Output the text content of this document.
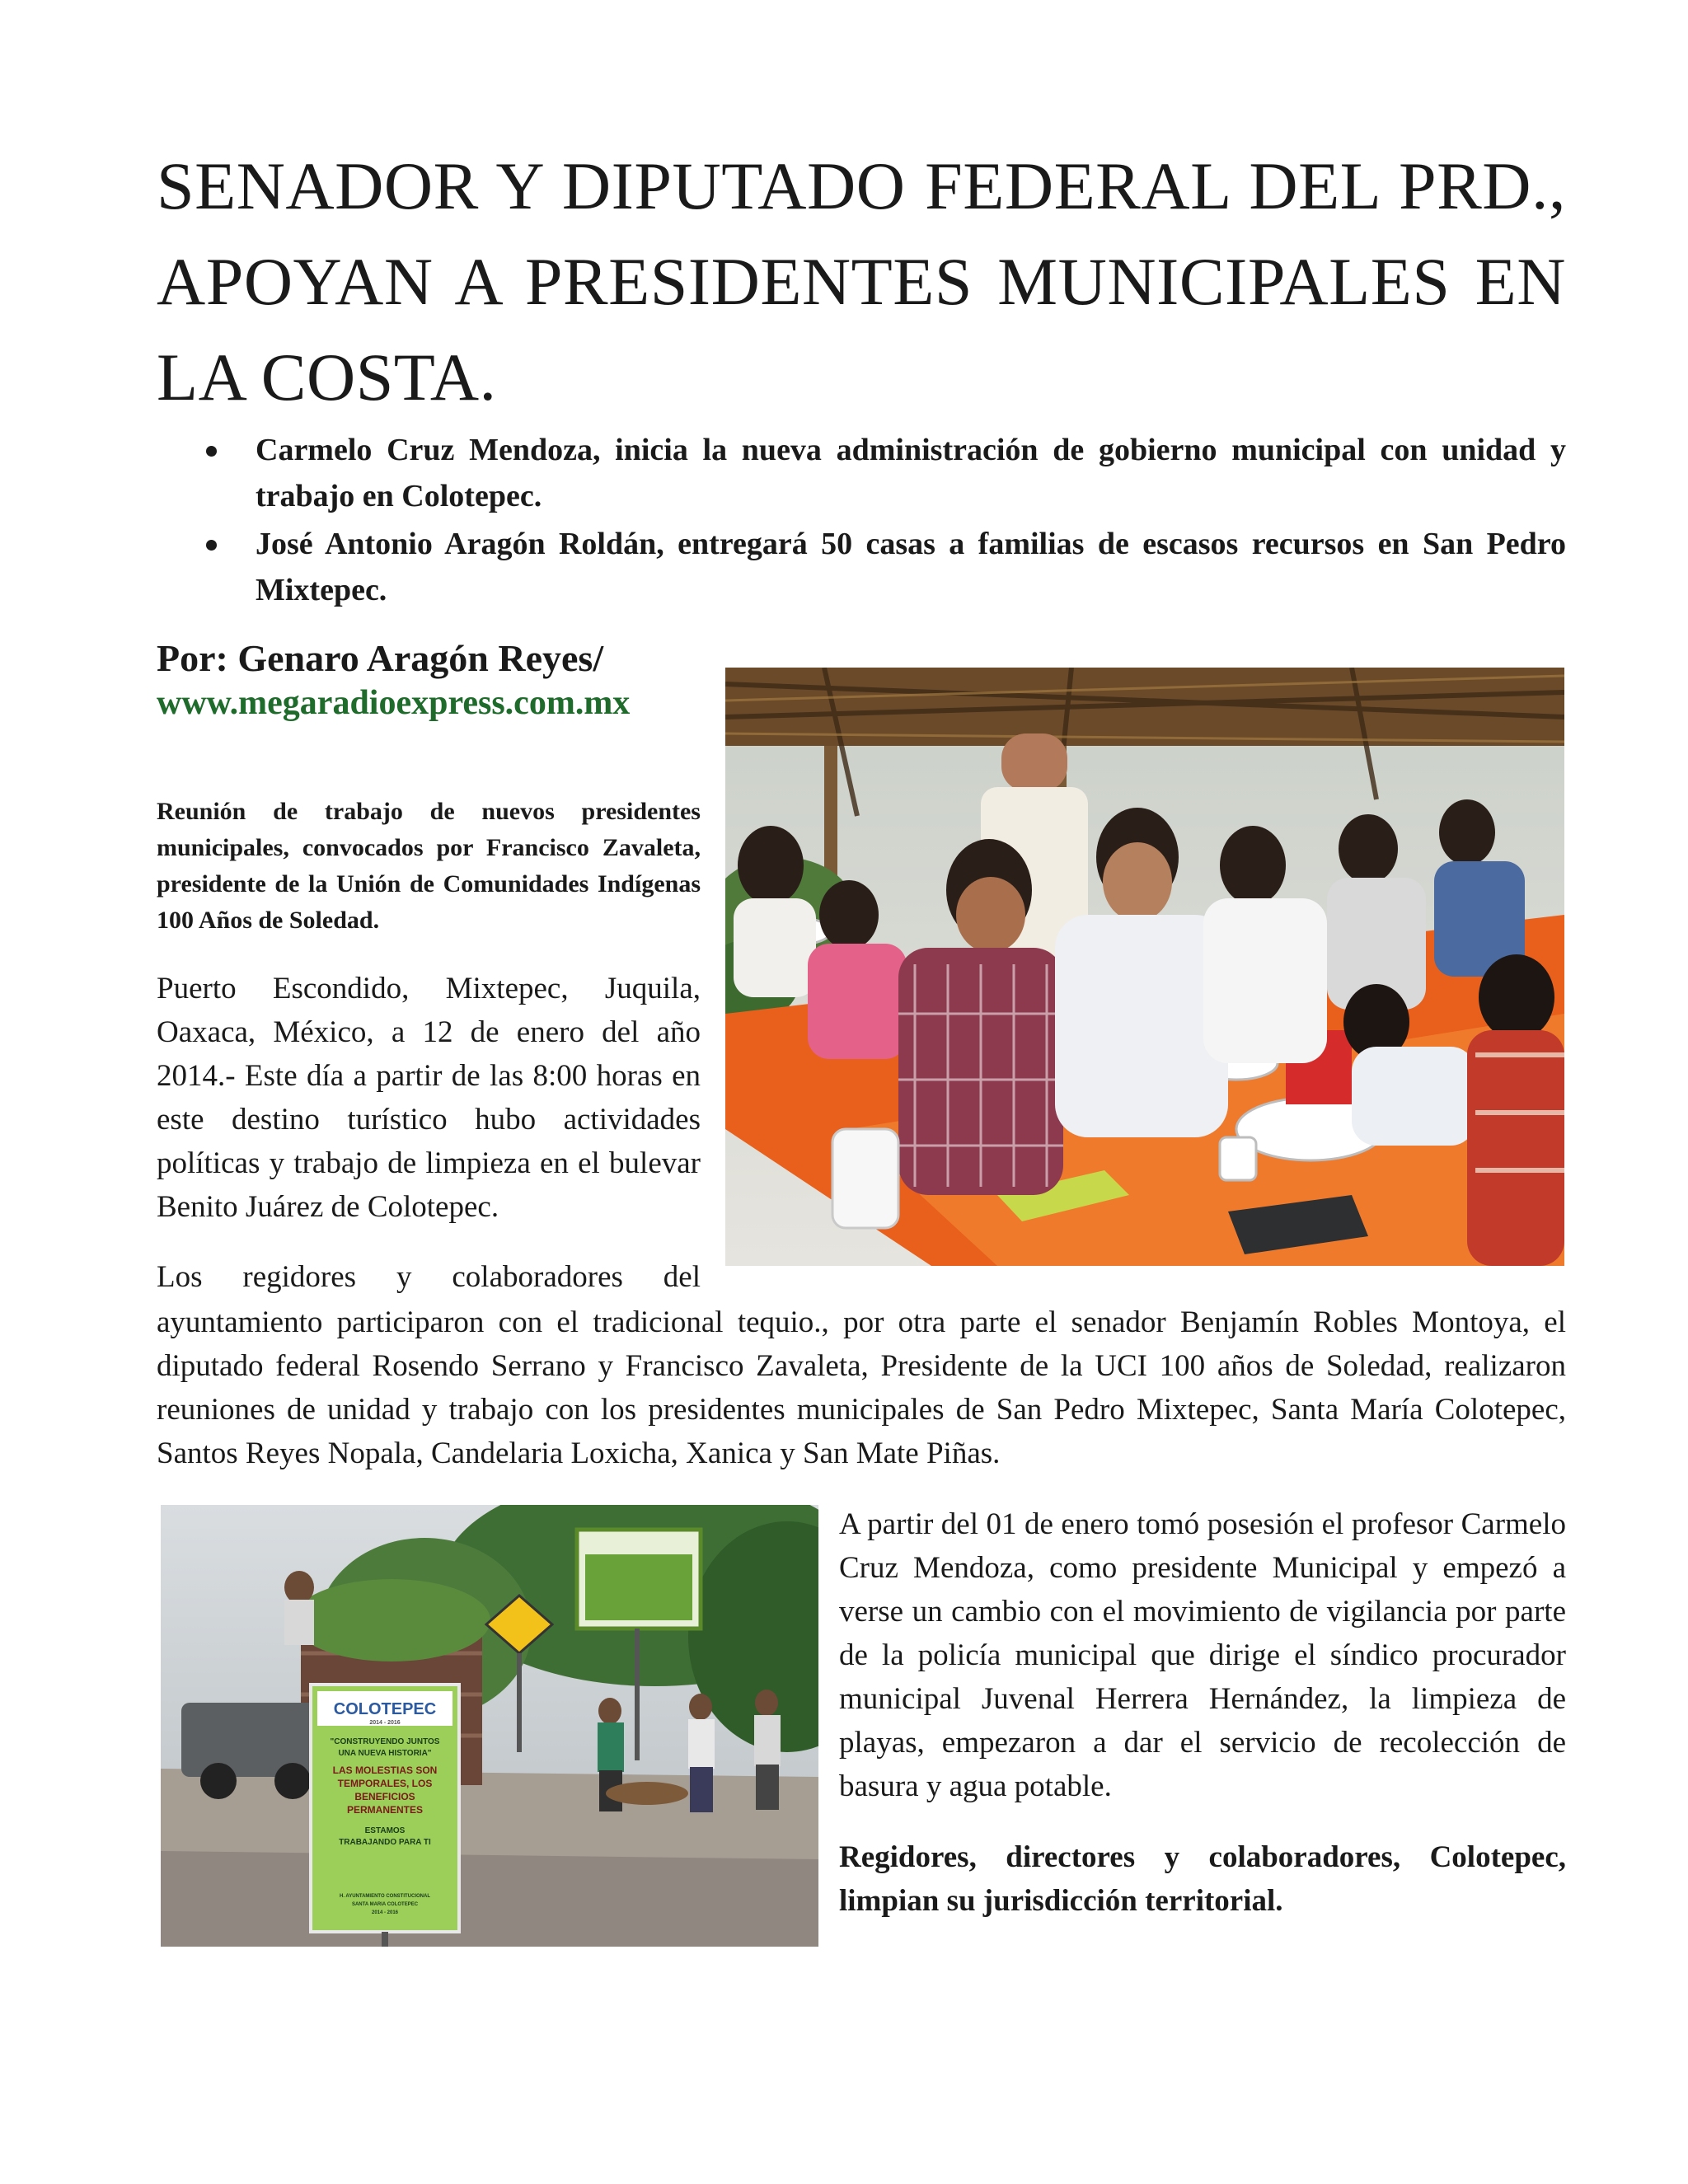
SENADOR Y DIPUTADO FEDERAL DEL PRD., APOYAN A PRESIDENTES MUNICIPALES EN LA COSTA.
Carmelo Cruz Mendoza, inicia la nueva administración de gobierno municipal con unidad y trabajo en Colotepec.
José Antonio Aragón Roldán, entregará 50 casas a familias de escasos recursos en San Pedro Mixtepec.
Por: Genaro Aragón Reyes/
www.megaradioexpress.com.mx
Reunión de trabajo de nuevos presidentes municipales, convocados por Francisco Zavaleta, presidente de la Unión de Comunidades Indígenas 100 Años de Soledad.
Puerto Escondido, Mixtepec, Juquila, Oaxaca, México, a 12 de enero del año 2014.- Este día a partir de las 8:00 horas en este destino turístico hubo actividades políticas y trabajo de limpieza en el bulevar Benito Juárez de Colotepec.
Los regidores y colaboradores del
ayuntamiento participaron con el tradicional tequio., por otra parte el senador Benjamín Robles Montoya, el diputado federal Rosendo Serrano y Francisco Zavaleta, Presidente de la UCI 100 años de Soledad, realizaron reuniones de unidad y trabajo con los presidentes municipales de San Pedro Mixtepec, Santa María Colotepec, Santos Reyes Nopala, Candelaria Loxicha, Xanica y San Mate Piñas.
A partir del 01 de enero tomó posesión el profesor Carmelo Cruz Mendoza, como presidente Municipal y empezó a verse un cambio con el movimiento de vigilancia por parte de la policía municipal que dirige el síndico procurador municipal Juvenal Herrera Hernández, la limpieza de playas, empezaron a dar el servicio de recolección de basura y agua potable.
Regidores, directores y colaboradores, Colotepec, limpian su jurisdicción territorial.
COLOTEPEC
2014 - 2016
"CONSTRUYENDO JUNTOS
UNA NUEVA HISTORIA"
LAS MOLESTIAS SON
TEMPORALES, LOS
BENEFICIOS
PERMANENTES
ESTAMOS
TRABAJANDO PARA TI
H. AYUNTAMIENTO CONSTITUCIONAL
SANTA MARIA COLOTEPEC
2014 - 2016
